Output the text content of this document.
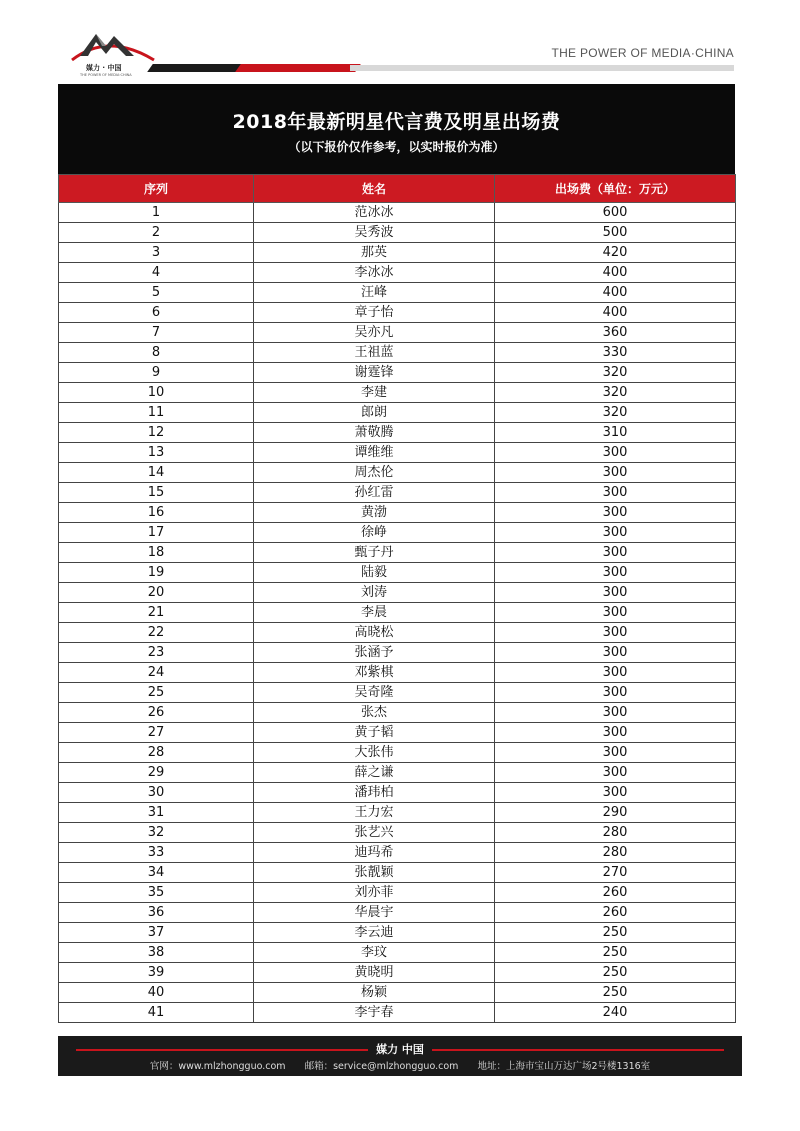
媒力 · 中国
THE POWER OF MEDIA·CHINA
THE POWER OF MEDIA·CHINA
2018年最新明星代言费及明星出场费
（以下报价仅作参考，以实时报价为准）
序列	姓名	出场费（单位：万元）
1	范冰冰	600
2	吴秀波	500
3	那英	420
4	李冰冰	400
5	汪峰	400
6	章子怡	400
7	吴亦凡	360
8	王祖蓝	330
9	谢霆锋	320
10	李建	320
11	郎朗	320
12	萧敬腾	310
13	谭维维	300
14	周杰伦	300
15	孙红雷	300
16	黄渤	300
17	徐峥	300
18	甄子丹	300
19	陆毅	300
20	刘涛	300
21	李晨	300
22	高晓松	300
23	张涵予	300
24	邓紫棋	300
25	吴奇隆	300
26	张杰	300
27	黄子韬	300
28	大张伟	300
29	薛之谦	300
30	潘玮柏	300
31	王力宏	290
32	张艺兴	280
33	迪玛希	280
34	张靓颖	270
35	刘亦菲	260
36	华晨宇	260
37	李云迪	250
38	李玟	250
39	黄晓明	250
40	杨颖	250
41	李宇春	240
媒力 中国
官网：www.mlzhongguo.com 邮箱：service@mlzhongguo.com 地址：上海市宝山万达广场2号楼1316室
